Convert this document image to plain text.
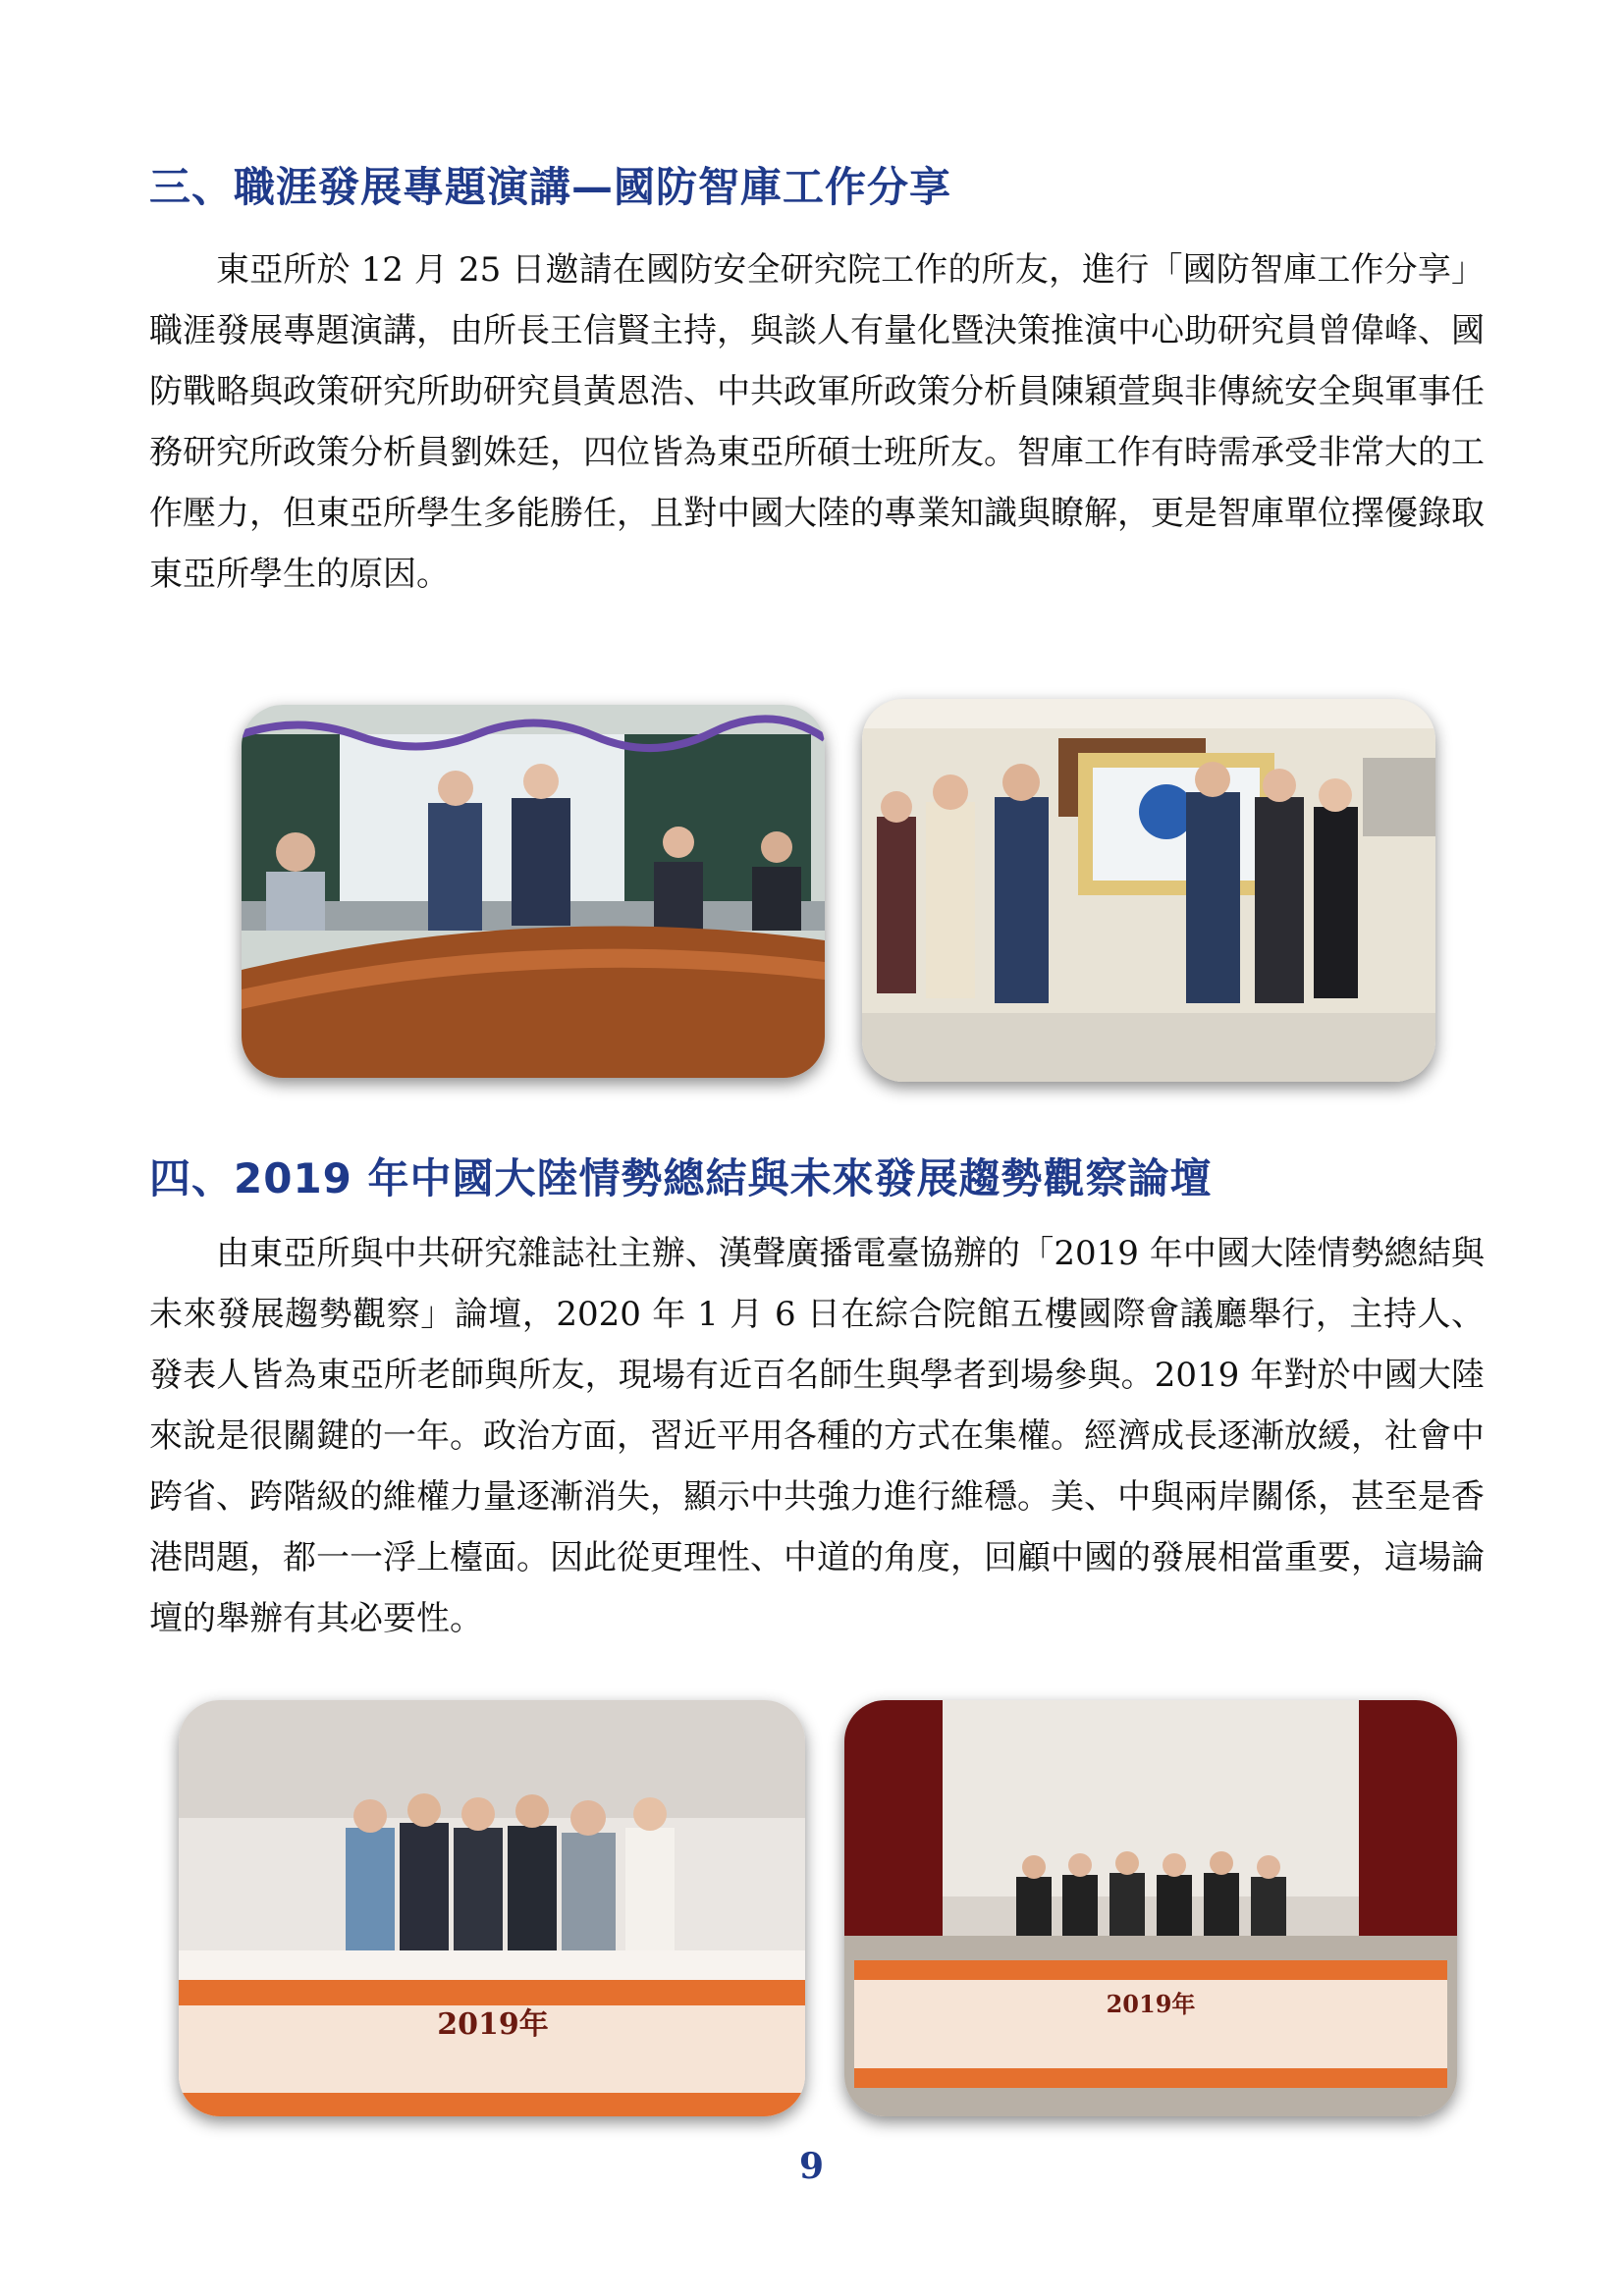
三、職涯發展專題演講—國防智庫工作分享

東亞所於 12 月 25 日邀請在國防安全研究院工作的所友，進行「國防智庫工作分享」職涯發展專題演講，由所長王信賢主持，與談人有量化暨決策推演中心助研究員曾偉峰、國防戰略與政策研究所助研究員黃恩浩、中共政軍所政策分析員陳穎萱與非傳統安全與軍事任務研究所政策分析員劉姝廷，四位皆為東亞所碩士班所友。智庫工作有時需承受非常大的工作壓力，但東亞所學生多能勝任，且對中國大陸的專業知識與瞭解，更是智庫單位擇優錄取東亞所學生的原因。

四、2019 年中國大陸情勢總結與未來發展趨勢觀察論壇

由東亞所與中共研究雜誌社主辦、漢聲廣播電臺協辦的「2019 年中國大陸情勢總結與未來發展趨勢觀察」論壇，2020 年 1 月 6 日在綜合院館五樓國際會議廳舉行，主持人、發表人皆為東亞所老師與所友，現場有近百名師生與學者到場參與。2019 年對於中國大陸來說是很關鍵的一年。政治方面，習近平用各種的方式在集權。經濟成長逐漸放緩，社會中跨省、跨階級的維權力量逐漸消失，顯示中共強力進行維穩。美、中與兩岸關係，甚至是香港問題，都一一浮上檯面。因此從更理性、中道的角度，回顧中國的發展相當重要，這場論壇的舉辦有其必要性。

2019年
2019年

9
